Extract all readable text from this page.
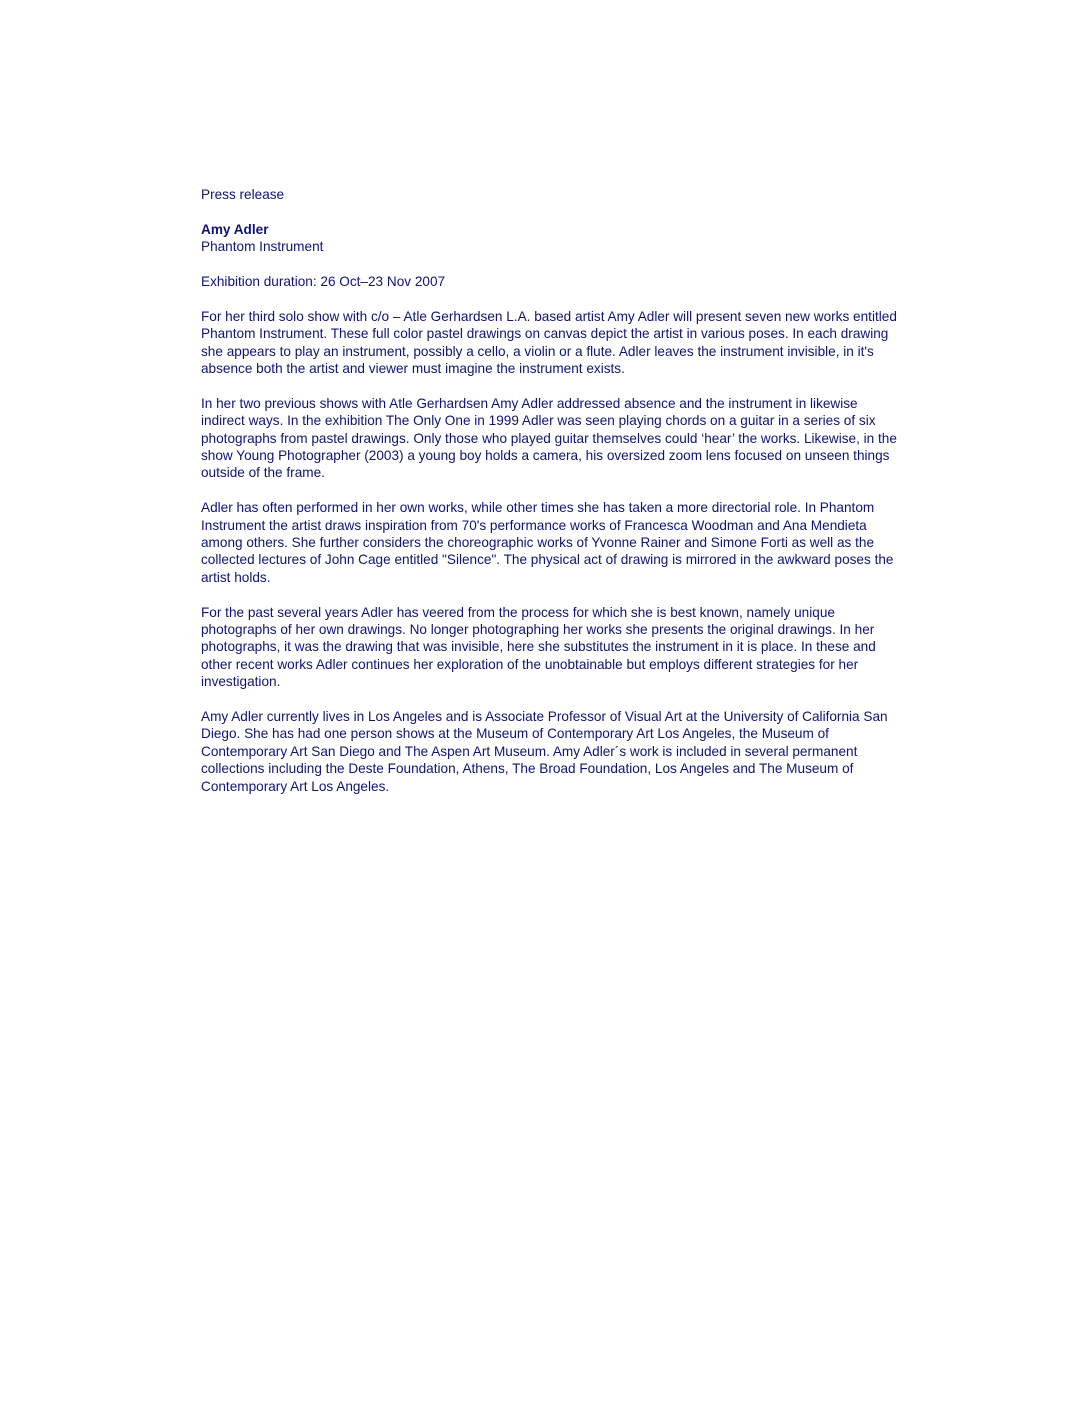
Press release

Amy Adler

Phantom Instrument

Exhibition duration: 26 Oct–23 Nov 2007

For her third solo show with c/o – Atle Gerhardsen L.A. based artist Amy Adler will present seven new works entitled Phantom Instrument. These full color pastel drawings on canvas depict the artist in various poses. In each drawing she appears to play an instrument, possibly a cello, a violin or a flute. Adler leaves the instrument invisible, in it's absence both the artist and viewer must imagine the instrument exists.

In her two previous shows with Atle Gerhardsen Amy Adler addressed absence and the instrument in likewise indirect ways. In the exhibition The Only One in 1999 Adler was seen playing chords on a guitar in a series of six photographs from pastel drawings. Only those who played guitar themselves could ‘hear’ the works. Likewise, in the show Young Photographer (2003) a young boy holds a camera, his oversized zoom lens focused on unseen things outside of the frame.

Adler has often performed in her own works, while other times she has taken a more directorial role. In Phantom Instrument the artist draws inspiration from 70's performance works of Francesca Woodman and Ana Mendieta among others. She further considers the choreographic works of Yvonne Rainer and Simone Forti as well as the collected lectures of John Cage entitled "Silence". The physical act of drawing is mirrored in the awkward poses the artist holds.

For the past several years Adler has veered from the process for which she is best known, namely unique photographs of her own drawings. No longer photographing her works she presents the original drawings. In her photographs, it was the drawing that was invisible, here she substitutes the instrument in it is place. In these and other recent works Adler continues her exploration of the unobtainable but employs different strategies for her investigation.

Amy Adler currently lives in Los Angeles and is Associate Professor of Visual Art at the University of California San Diego. She has had one person shows at the Museum of Contemporary Art Los Angeles, the Museum of Contemporary Art San Diego and The Aspen Art Museum. Amy Adler´s work is included in several permanent collections including the Deste Foundation, Athens, The Broad Foundation, Los Angeles and The Museum of Contemporary Art Los Angeles.
